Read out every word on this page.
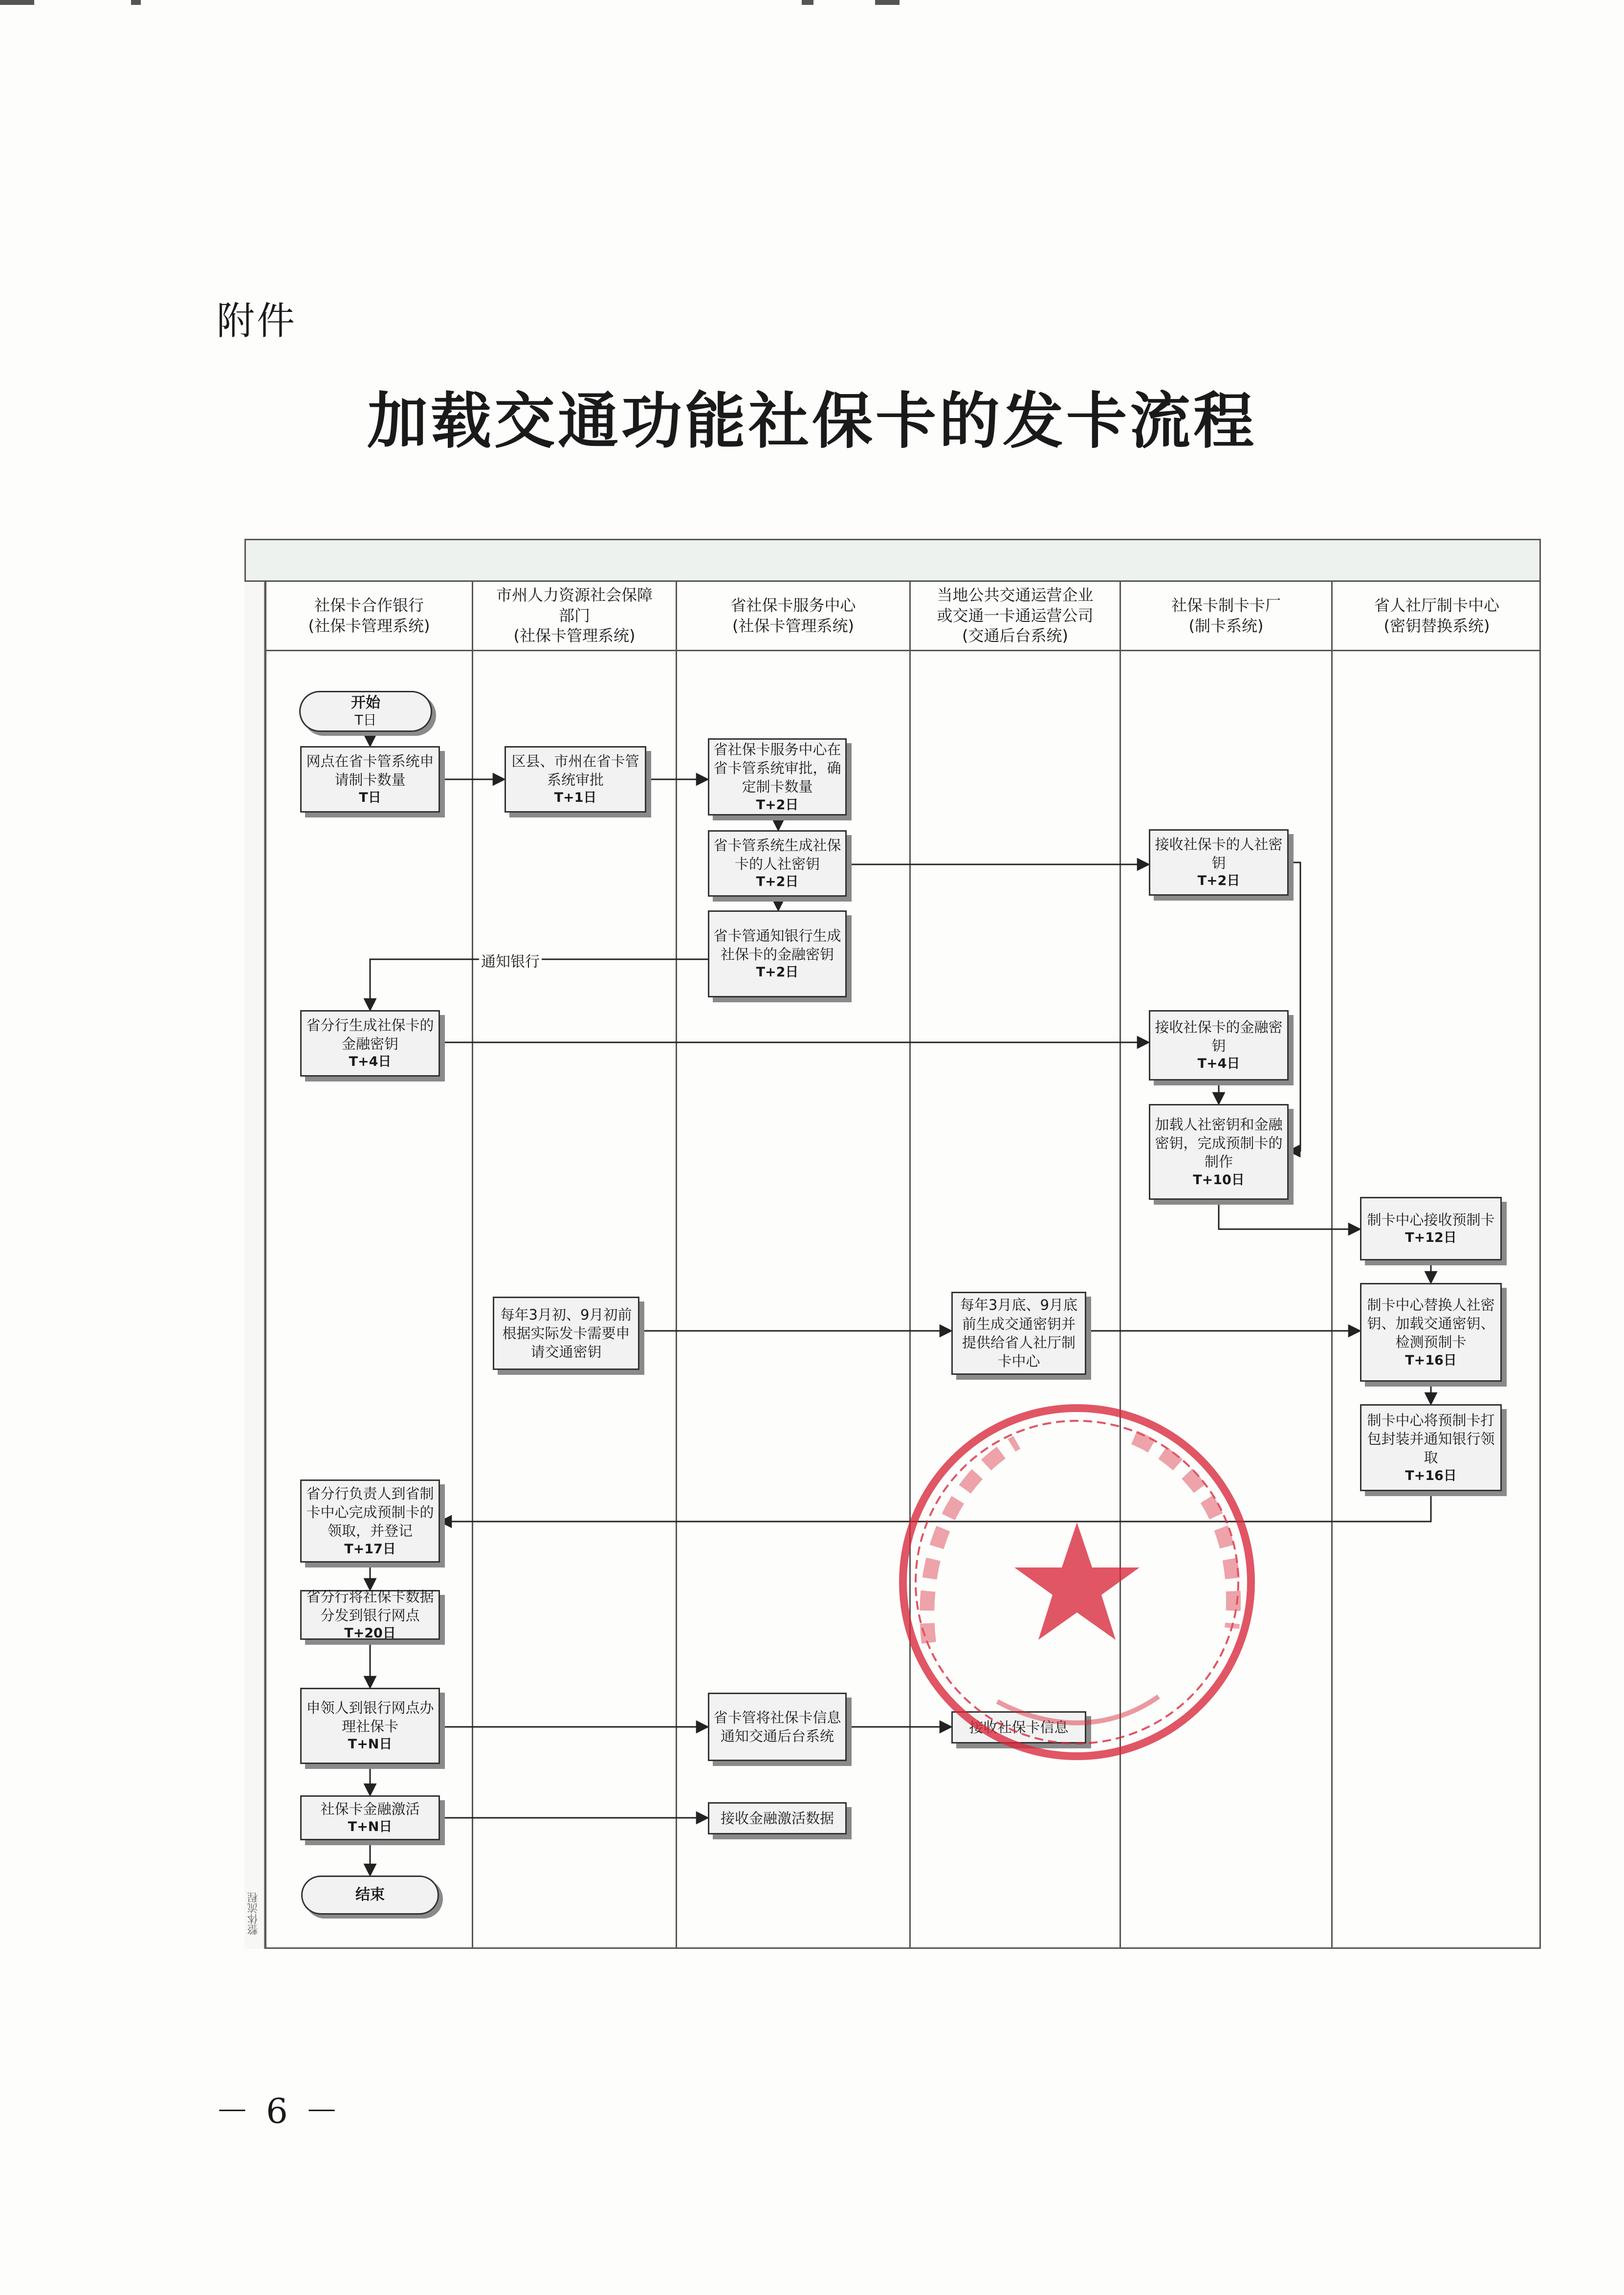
附件
加载交通功能社保卡的发卡流程
整体流程
社保卡合作银行
(社保卡管理系统)
市州人力资源社会保障部门
(社保卡管理系统)
省社保卡服务中心
(社保卡管理系统)
当地公共交通运营企业或交通一卡通运营公司
(交通后台系统)
社保卡制卡卡厂
(制卡系统)
省人社厅制卡中心
(密钥替换系统)
通知银行
开始
T日
网点在省卡管系统申请制卡数量
T日
区县、市州在省卡管系统审批
T+1日
省社保卡服务中心在省卡管系统审批，确定制卡数量
T+2日
省卡管系统生成社保卡的人社密钥
T+2日
省卡管通知银行生成社保卡的金融密钥
T+2日
接收社保卡的人社密钥
T+2日
省分行生成社保卡的金融密钥
T+4日
接收社保卡的金融密钥
T+4日
加载人社密钥和金融密钥，完成预制卡的制作
T+10日
制卡中心接收预制卡
T+12日
每年3月初、9月初前根据实际发卡需要申请交通密钥
每年3月底、9月底前生成交通密钥并提供给省人社厅制卡中心
制卡中心替换人社密钥、加载交通密钥、检测预制卡
T+16日
制卡中心将预制卡打包封装并通知银行领取
T+16日
省分行负责人到省制卡中心完成预制卡的领取，并登记
T+17日
省分行将社保卡数据分发到银行网点
T+20日
申领人到银行网点办理社保卡
T+N日
省卡管将社保卡信息通知交通后台系统
接收社保卡信息
社保卡金融激活
T+N日
接收金融激活数据
结束
－ 6 －
